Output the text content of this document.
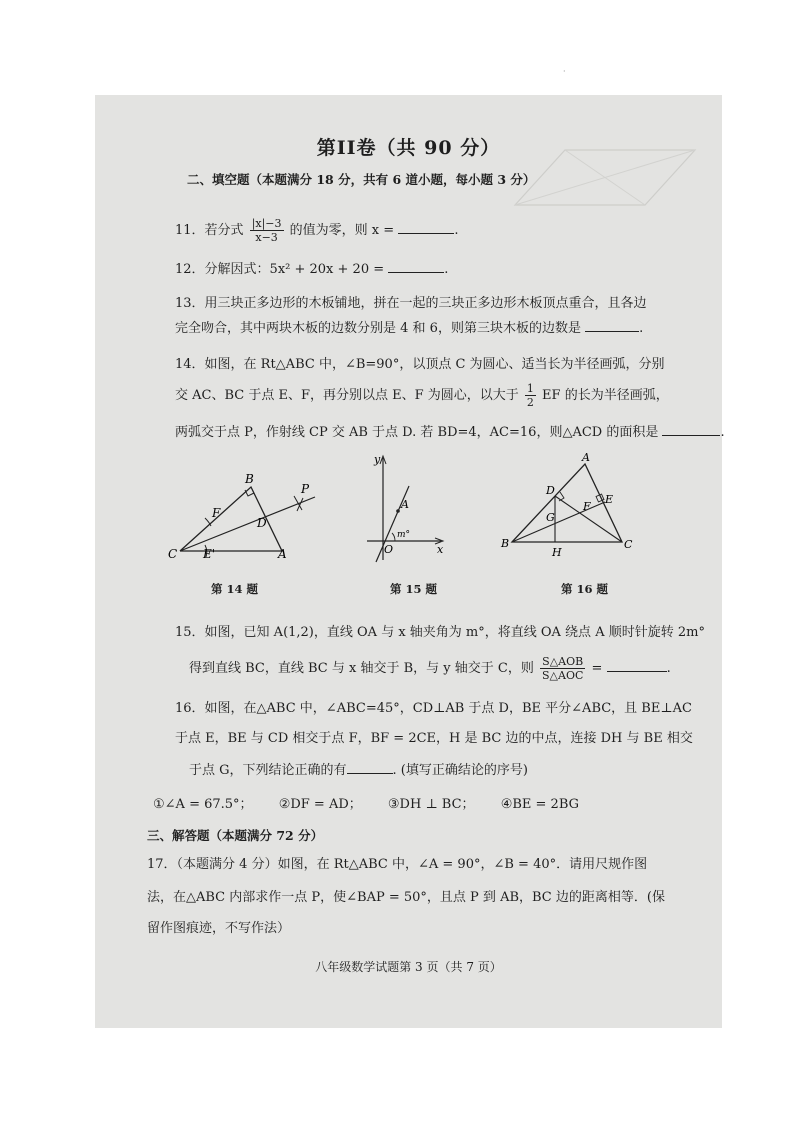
·
第II卷（共 90 分）
二、填空题（本题满分 18 分，共有 6 道小题，每小题 3 分）
11．若分式 $\frac{|x|-3}{x-3}$ 的值为零，则 x =	.
12．分解因式：5x² + 20x + 20 =	.
13．用三块正多边形的木板铺地，拼在一起的三块正多边形木板顶点重合，且各边
完全吻合，其中两块木板的边数分别是 4 和 6，则第三块木板的边数是	.
14．如图，在 Rt△ABC 中，∠B=90°，以顶点 C 为圆心、适当长为半径画弧，分别
交 AC、BC 于点 E、F，再分别以点 E、F 为圆心，以大于 $\frac{1}{2}$ EF 的长为半径画弧，
两弧交于点 P，作射线 CP 交 AB 于点 D. 若 BD=4，AC=16，则△ACD 的面积是	.
B
F
P
D
C E'	A
第 14 题
y
A
m°
O	x
第 15 题
A
D
F
E
G
B
H
C
第 16 题
15．如图，已知 A(1,2)，直线 OA 与 x 轴夹角为 m°，将直线 OA 绕点 A 顺时针旋转 2m°
得到直线 BC，直线 BC 与 x 轴交于 B，与 y 轴交于 C，则 $\frac{\text{S△AOB}}{\text{S△AOC}}$ =	.
16．如图，在△ABC 中，∠ABC=45°，CD⊥AB 于点 D，BE 平分∠ABC，且 BE⊥AC
于点 E，BE 与 CD 相交于点 F，BF = 2CE，H 是 BC 边的中点，连接 DH 与 BE 相交
于点 G，下列结论正确的有	. (填写正确结论的序号)
①∠A = 67.5°； ②DF = AD； ③DH ⊥ BC； ④BE = 2BG
三、解答题（本题满分 72 分）
17．（本题满分 4 分）如图，在 Rt△ABC 中，∠A = 90°，∠B = 40°．请用尺规作图
法，在△ABC 内部求作一点 P，使∠BAP = 50°，且点 P 到 AB，BC 边的距离相等．(保
留作图痕迹，不写作法）
八年级数学试题第 3 页（共 7 页）
